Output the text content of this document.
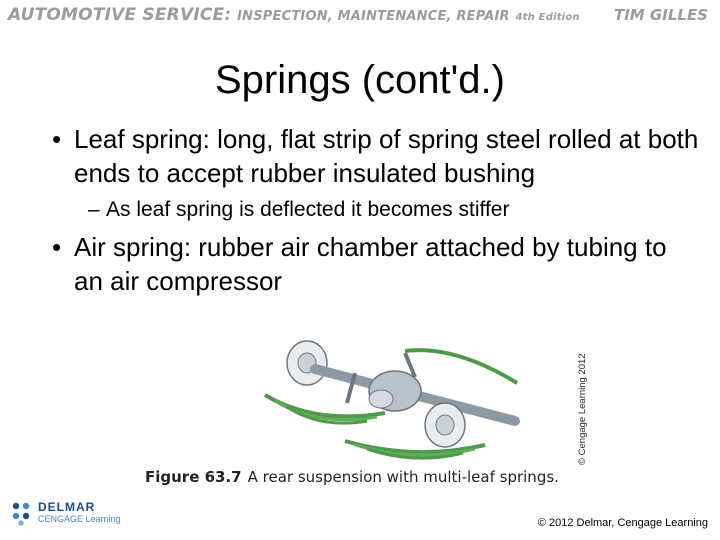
AUTOMOTIVE SERVICE: INSPECTION, MAINTENANCE, REPAIR 4th Edition TIM GILLES
Springs (cont'd.)
• Leaf spring: long, flat strip of spring steel rolled at both ends to accept rubber insulated bushing
– As leaf spring is deflected it becomes stiffer
• Air spring: rubber air chamber attached by tubing to an air compressor
© Cengage Learning 2012
Figure 63.7 A rear suspension with multi-leaf springs.
DELMAR
CENGAGE Learning	© 2012 Delmar, Cengage Learning
